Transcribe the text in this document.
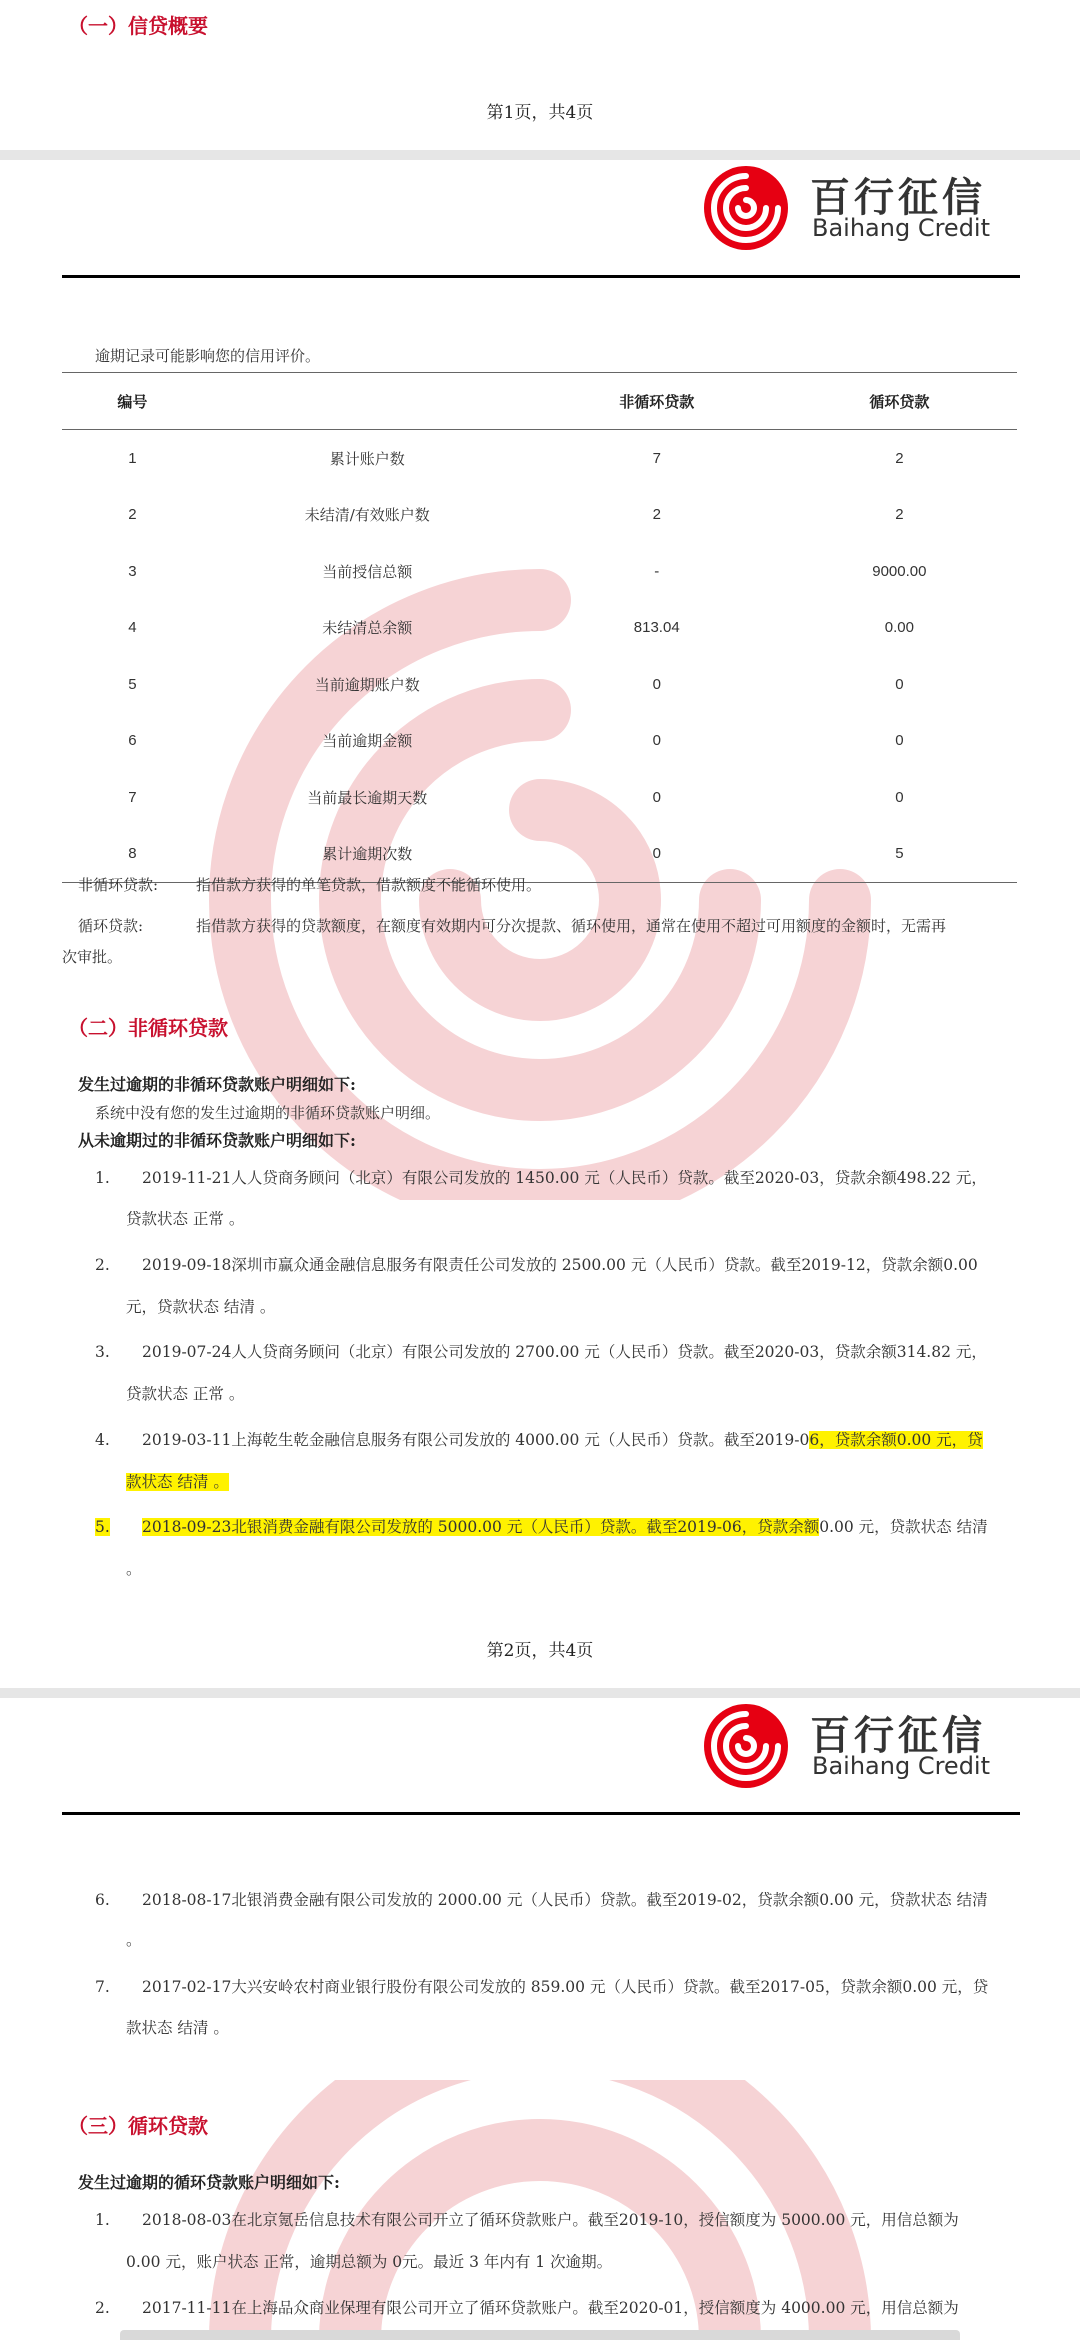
（一）信贷概要
第1页，共4页
百行征信
Baihang Credit
逾期记录可能影响您的信用评价。
编号		非循环贷款	循环贷款
1	累计账户数	7	2
2	未结清/有效账户数	2	2
3	当前授信总额	-	9000.00
4	未结清总余额	813.04	0.00
5	当前逾期账户数	0	0
6	当前逾期金额	0	0
7	当前最长逾期天数	0	0
8	累计逾期次数	0	5
非循环贷款:	指借款方获得的单笔贷款，借款额度不能循环使用。
循环贷款:	指借款方获得的贷款额度，在额度有效期内可分次提款、循环使用，通常在使用不超过可用额度的金额时，无需再
次审批。
（二）非循环贷款
发生过逾期的非循环贷款账户明细如下:
系统中没有您的发生过逾期的非循环贷款账户明细。
从未逾期过的非循环贷款账户明细如下:
1. 2019-11-21人人贷商务顾问（北京）有限公司发放的 1450.00 元（人民币）贷款。截至2020-03，贷款余额498.22 元，
贷款状态 正常 。
2. 2019-09-18深圳市赢众通金融信息服务有限责任公司发放的 2500.00 元（人民币）贷款。截至2019-12，贷款余额0.00
元，贷款状态 结清 。
3. 2019-07-24人人贷商务顾问（北京）有限公司发放的 2700.00 元（人民币）贷款。截至2020-03，贷款余额314.82 元，
贷款状态 正常 。
4. 2019-03-11上海乾生乾金融信息服务有限公司发放的 4000.00 元（人民币）贷款。截至2019-06，贷款余额0.00 元，贷
款状态 结清 。
5. 2018-09-23北银消费金融有限公司发放的 5000.00 元（人民币）贷款。截至2019-06，贷款余额0.00 元，贷款状态 结清
。
第2页，共4页
百行征信
Baihang Credit
6. 2018-08-17北银消费金融有限公司发放的 2000.00 元（人民币）贷款。截至2019-02，贷款余额0.00 元，贷款状态 结清
。
7. 2017-02-17大兴安岭农村商业银行股份有限公司发放的 859.00 元（人民币）贷款。截至2017-05，贷款余额0.00 元，贷
款状态 结清 。
（三）循环贷款
发生过逾期的循环贷款账户明细如下:
1. 2018-08-03在北京氪岳信息技术有限公司开立了循环贷款账户。截至2019-10，授信额度为 5000.00 元，用信总额为
0.00 元，账户状态 正常，逾期总额为 0元。最近 3 年内有 1 次逾期。
2. 2017-11-11在上海品众商业保理有限公司开立了循环贷款账户。截至2020-01，授信额度为 4000.00 元，用信总额为
